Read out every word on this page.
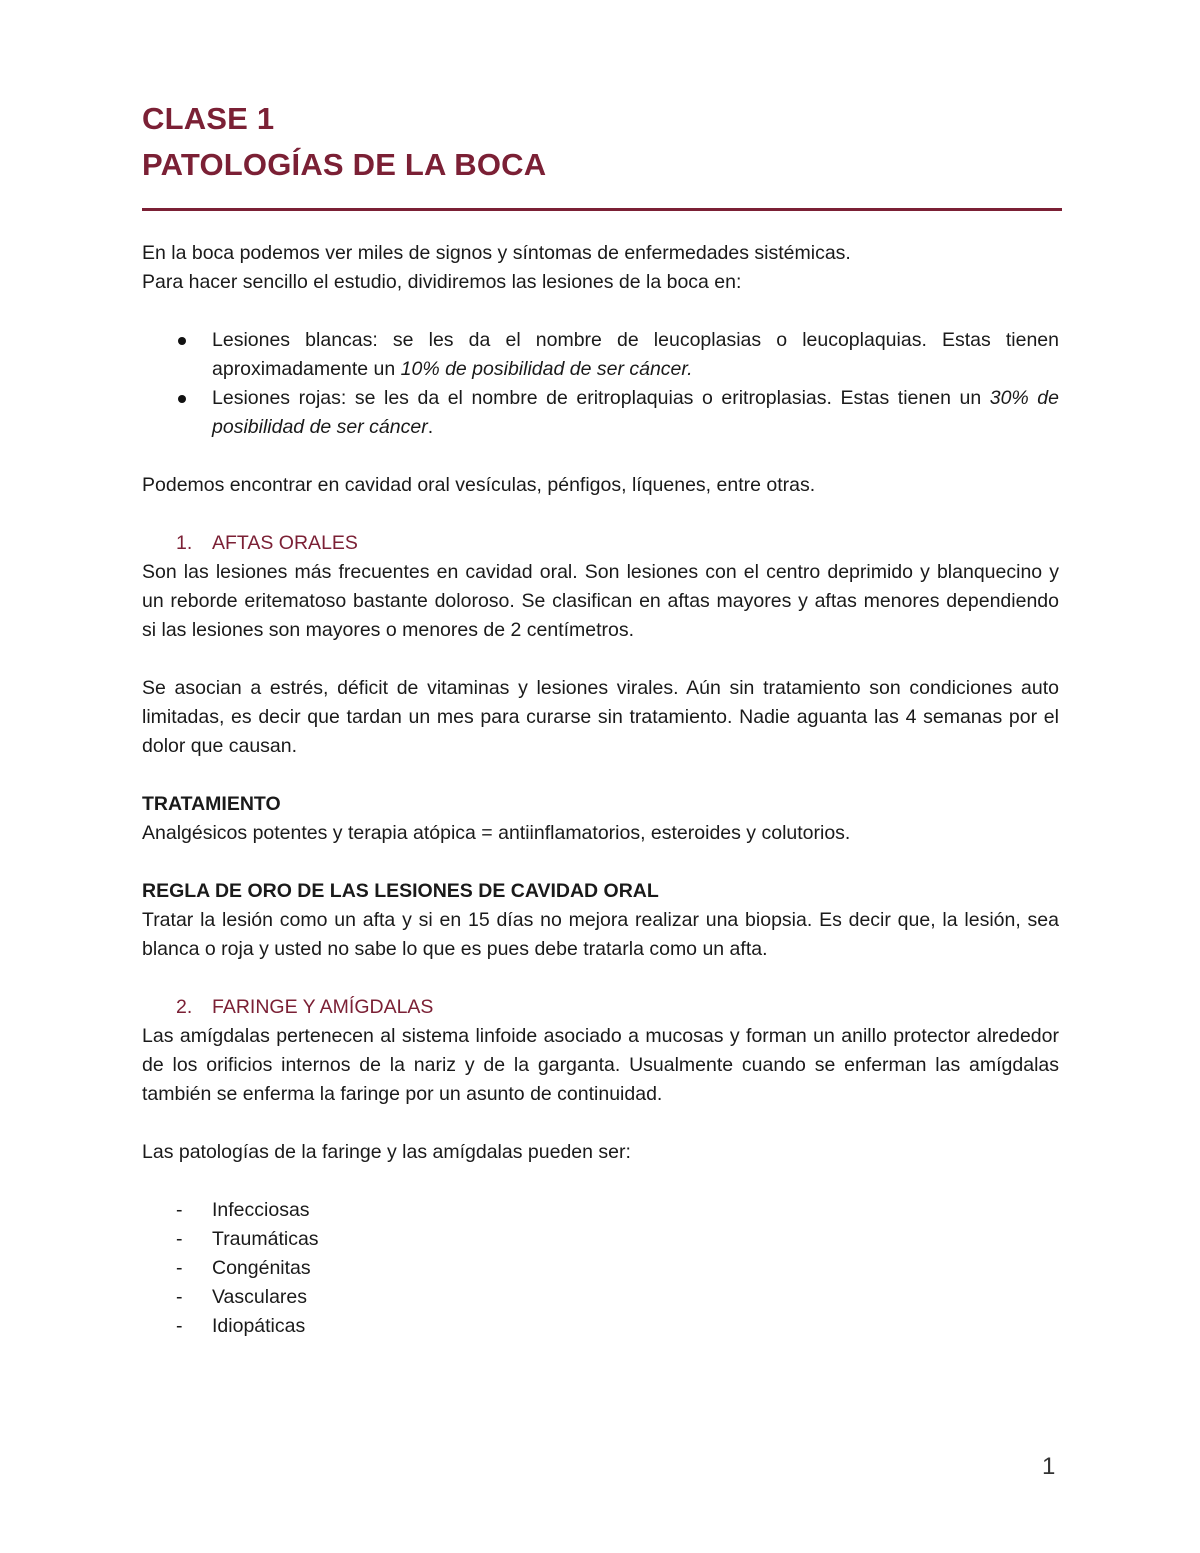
CLASE 1
PATOLOGÍAS DE LA BOCA

En la boca podemos ver miles de signos y síntomas de enfermedades sistémicas.

Para hacer sencillo el estudio, dividiremos las lesiones de la boca en:

Lesiones blancas: se les da el nombre de leucoplasias o leucoplaquias. Estas tienen aproximadamente un 10% de posibilidad de ser cáncer.
Lesiones rojas: se les da el nombre de eritroplaquias o eritroplasias. Estas tienen un 30% de posibilidad de ser cáncer.

Podemos encontrar en cavidad oral vesículas, pénfigos, líquenes, entre otras.

1. AFTAS ORALES

Son las lesiones más frecuentes en cavidad oral. Son lesiones con el centro deprimido y blanquecino y un reborde eritematoso bastante doloroso. Se clasifican en aftas mayores y aftas menores dependiendo si las lesiones son mayores o menores de 2 centímetros.

Se asocian a estrés, déficit de vitaminas y lesiones virales. Aún sin tratamiento son condiciones auto limitadas, es decir que tardan un mes para curarse sin tratamiento. Nadie aguanta las 4 semanas por el dolor que causan.

TRATAMIENTO

Analgésicos potentes y terapia atópica = antiinflamatorios, esteroides y colutorios.

REGLA DE ORO DE LAS LESIONES DE CAVIDAD ORAL

Tratar la lesión como un afta y si en 15 días no mejora realizar una biopsia. Es decir que, la lesión, sea blanca o roja y usted no sabe lo que es pues debe tratarla como un afta.

2. FARINGE Y AMÍGDALAS

Las amígdalas pertenecen al sistema linfoide asociado a mucosas y forman un anillo protector alrededor de los orificios internos de la nariz y de la garganta. Usualmente cuando se enferman las amígdalas también se enferma la faringe por un asunto de continuidad.

Las patologías de la faringe y las amígdalas pueden ser:

- Infecciosas
- Traumáticas
- Congénitas
- Vasculares
- Idiopáticas
1
